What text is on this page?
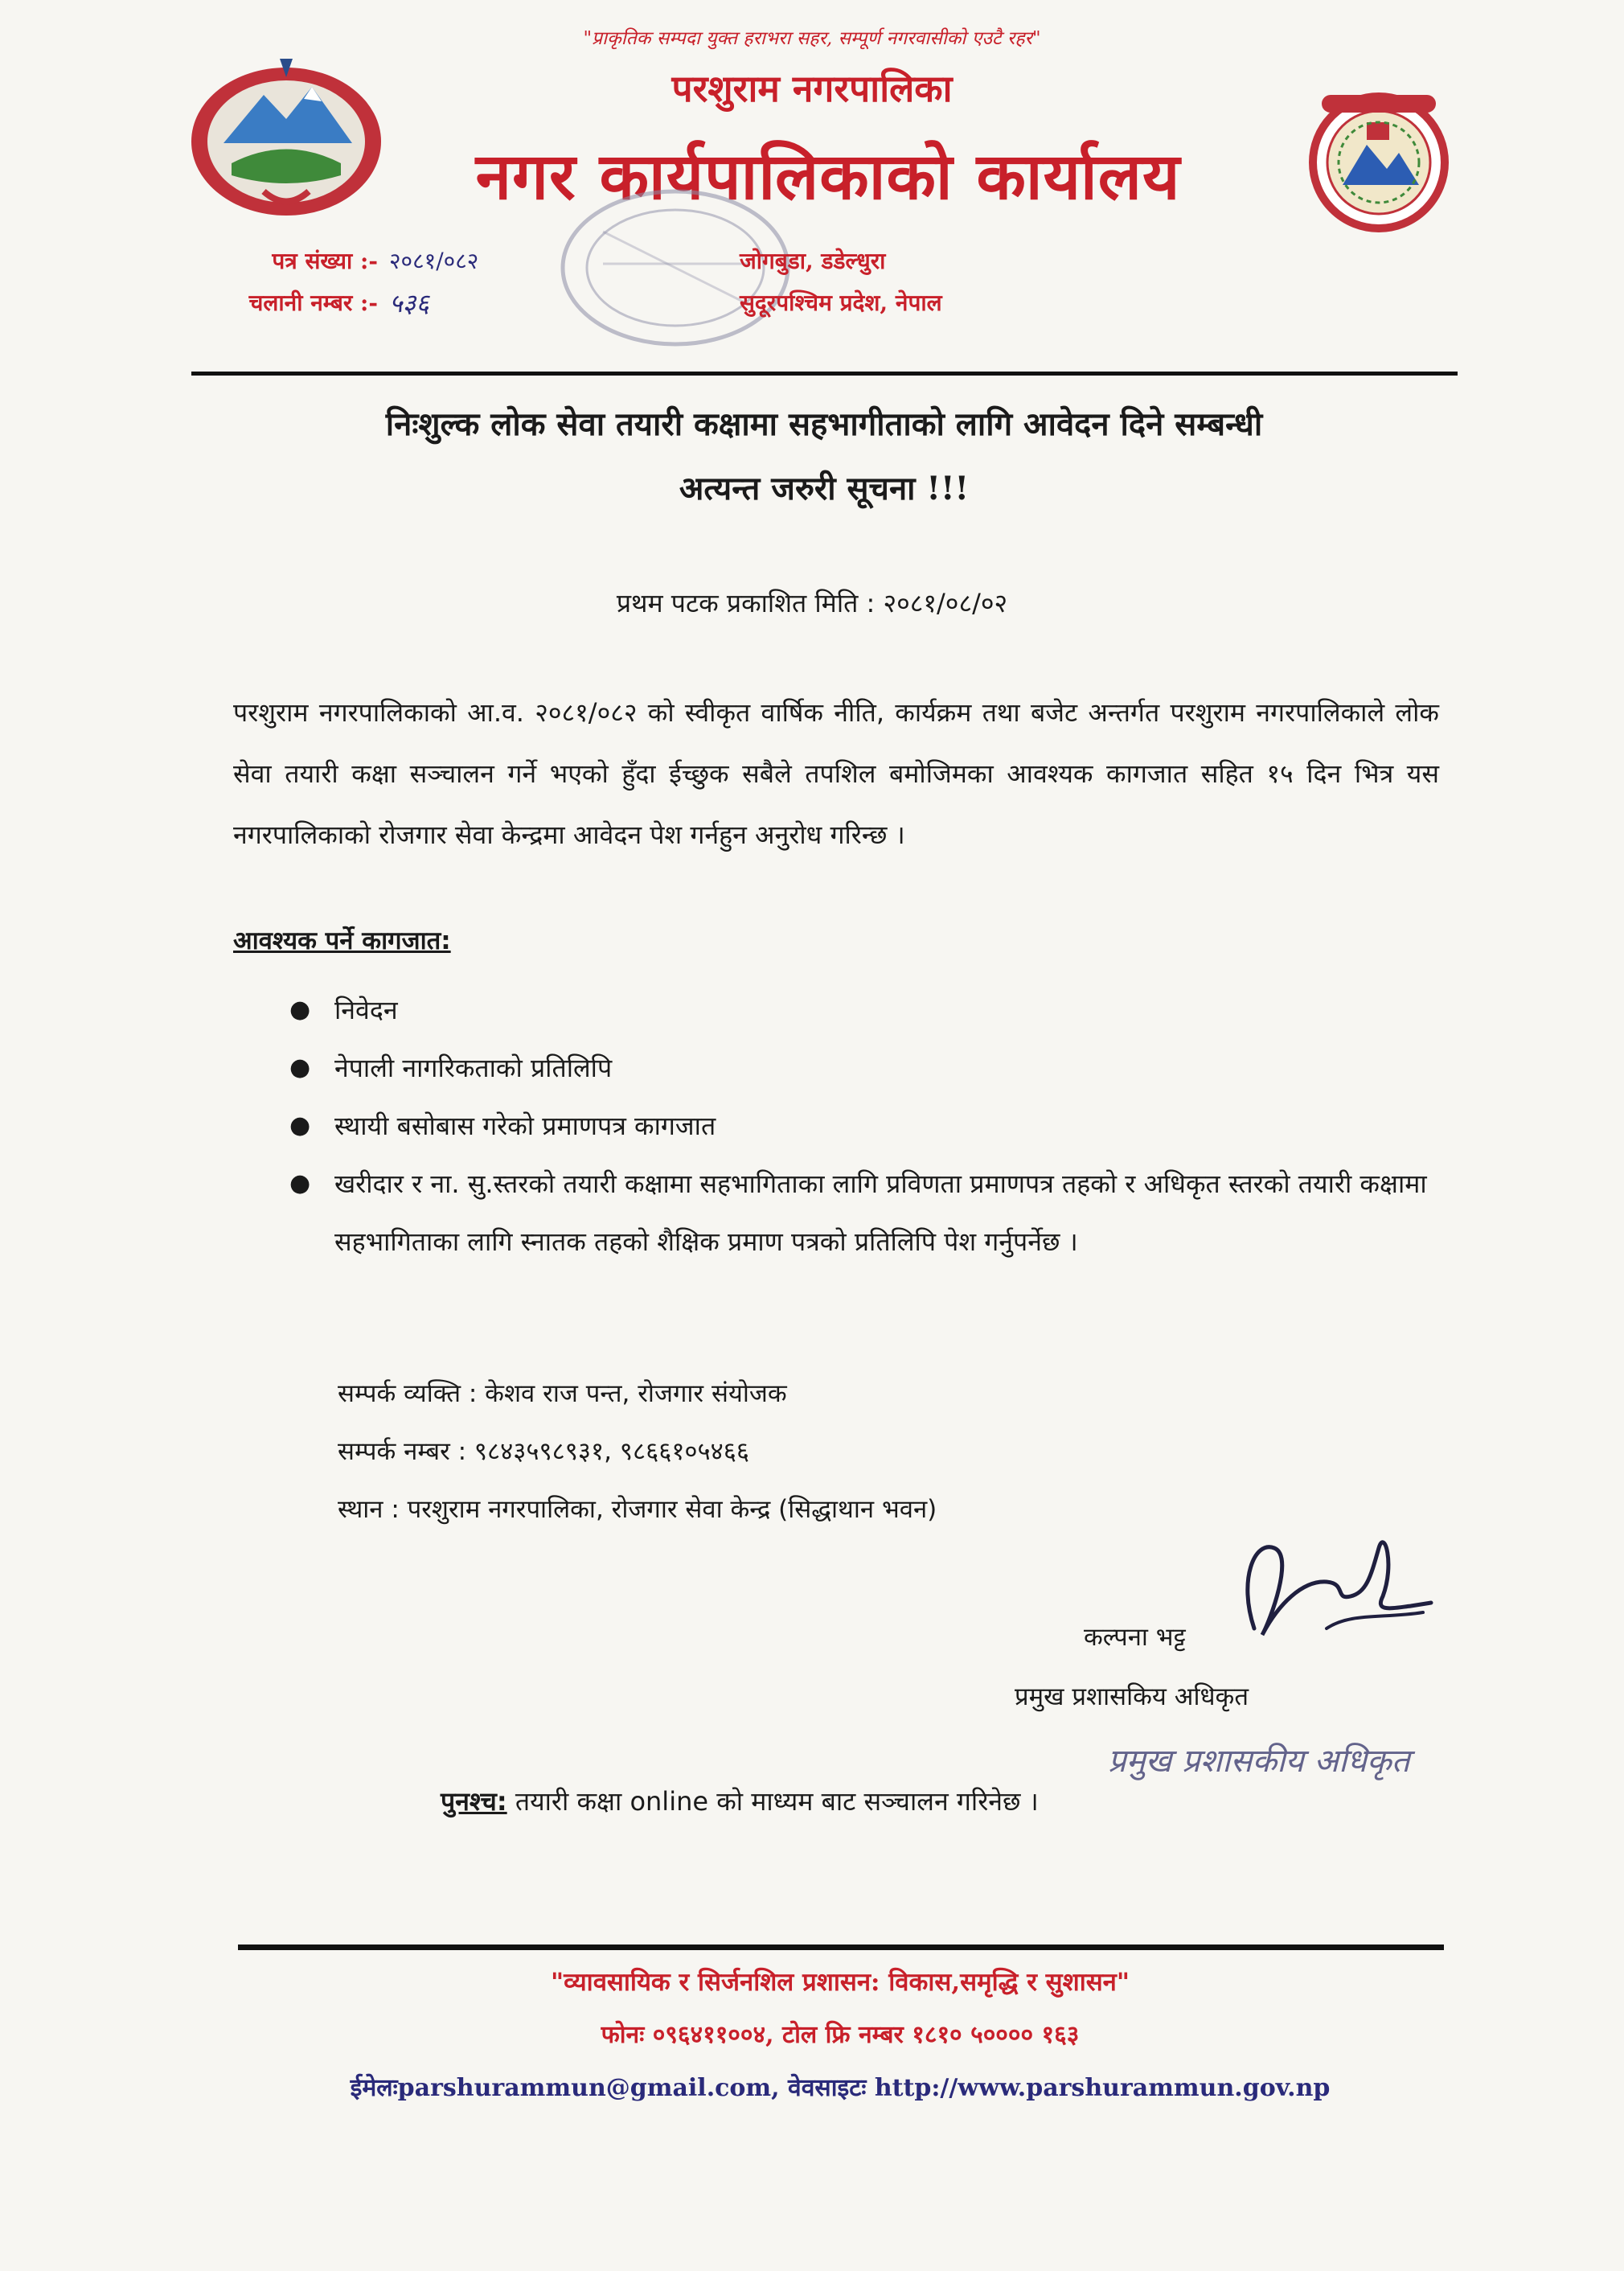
"प्राकृतिक सम्पदा युक्त हराभरा सहर, सम्पूर्ण नगरवासीको एउटै रहर"
परशुराम नगरपालिका
नगर कार्यपालिकाको कार्यालय
पत्र संख्या :- २०८१/०८२
चलानी नम्बर :- ५३६
जोगबुडा, डडेल्धुरा
सुदूरपश्चिम प्रदेश, नेपाल
निःशुल्क लोक सेवा तयारी कक्षामा सहभागीताको लागि आवेदन दिने सम्बन्धी
अत्यन्त जरुरी सूचना !!!
प्रथम पटक प्रकाशित मिति : २०८१/०८/०२
परशुराम नगरपालिकाको आ.व. २०८१/०८२ को स्वीकृत वार्षिक नीति, कार्यक्रम तथा बजेट अन्तर्गत परशुराम नगरपालिकाले लोक सेवा तयारी कक्षा सञ्चालन गर्ने भएको हुँदा ईच्छुक सबैले तपशिल बमोजिमका आवश्यक कागजात सहित १५ दिन भित्र यस नगरपालिकाको रोजगार सेवा केन्द्रमा आवेदन पेश गर्नहुन अनुरोध गरिन्छ ।
आवश्यक पर्ने कागजात:
● निवेदन
● नेपाली नागरिकताको प्रतिलिपि
● स्थायी बसोबास गरेको प्रमाणपत्र कागजात
● खरीदार र ना. सु.स्तरको तयारी कक्षामा सहभागिताका लागि प्रविणता प्रमाणपत्र तहको र अधिकृत स्तरको तयारी कक्षामा सहभागिताका लागि स्नातक तहको शैक्षिक प्रमाण पत्रको प्रतिलिपि पेश गर्नुपर्नेछ ।
सम्पर्क व्यक्ति : केशव राज पन्त, रोजगार संयोजक
सम्पर्क नम्बर : ९८४३५९८९३१, ९८६६१०५४६६
स्थान : परशुराम नगरपालिका, रोजगार सेवा केन्द्र (सिद्धाथान भवन)
कल्पना भट्ट
प्रमुख प्रशासकिय अधिकृत
प्रमुख प्रशासकीय अधिकृत
पुनश्च: तयारी कक्षा online को माध्यम बाट सञ्चालन गरिनेछ ।
"व्यावसायिक र सिर्जनशिल प्रशासन: विकास,समृद्धि र सुशासन"
फोनः ०९६४११००४, टोल फ्रि नम्बर १८१० ५०००० १६३
ईमेलःparshurammun@gmail.com, वेवसाइटः http://www.parshurammun.gov.np
